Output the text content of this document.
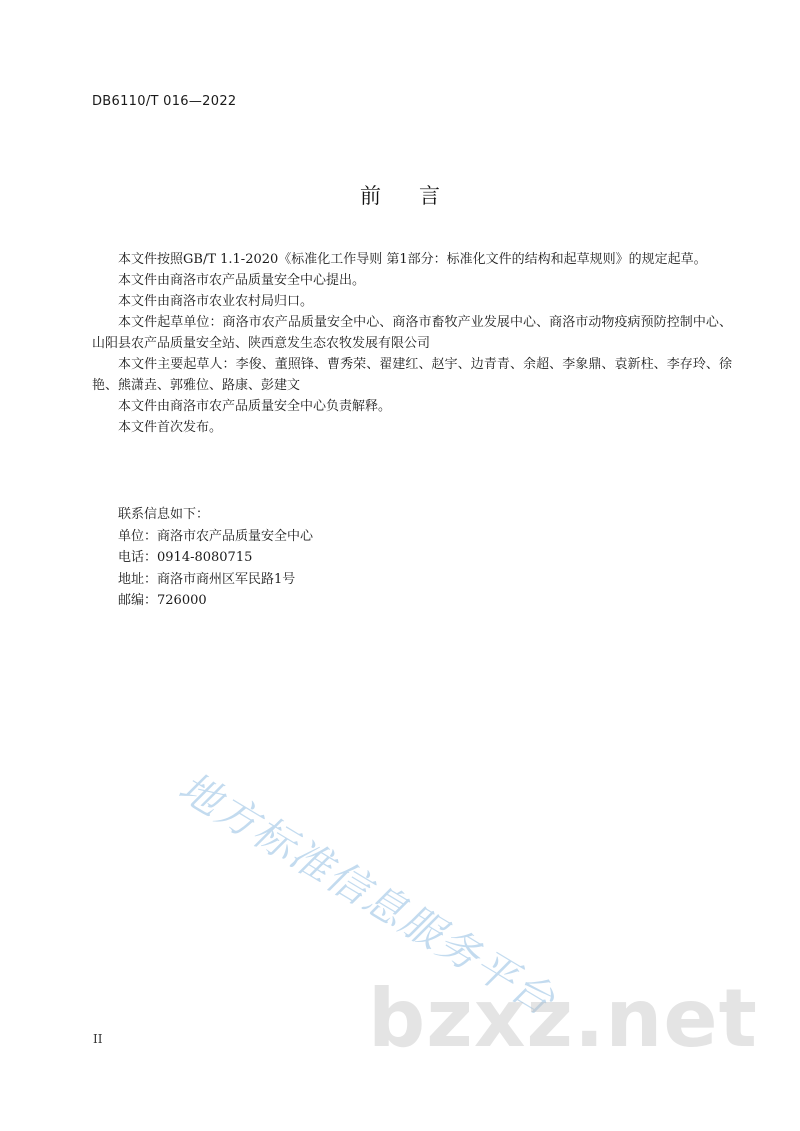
DB6110/T 016—2022
前言

本文件按照GB/T 1.1-2020《标准化工作导则 第1部分：标准化文件的结构和起草规则》的规定起草。

本文件由商洛市农产品质量安全中心提出。

本文件由商洛市农业农村局归口。

本文件起草单位：商洛市农产品质量安全中心、商洛市畜牧产业发展中心、商洛市动物疫病预防控制中心、山阳县农产品质量安全站、陕西意发生态农牧发展有限公司

本文件主要起草人：李俊、董照锋、曹秀荣、翟建红、赵宇、边青青、余超、李象鼎、袁新柱、李存玲、徐艳、熊潇垚、郭雅位、路康、彭建文

本文件由商洛市农产品质量安全中心负责解释。

本文件首次发布。

联系信息如下：

单位：商洛市农产品质量安全中心

电话：0914-8080715

地址：商洛市商州区军民路1号

邮编：726000

地方标准信息服务平台
bzxz.net
II
